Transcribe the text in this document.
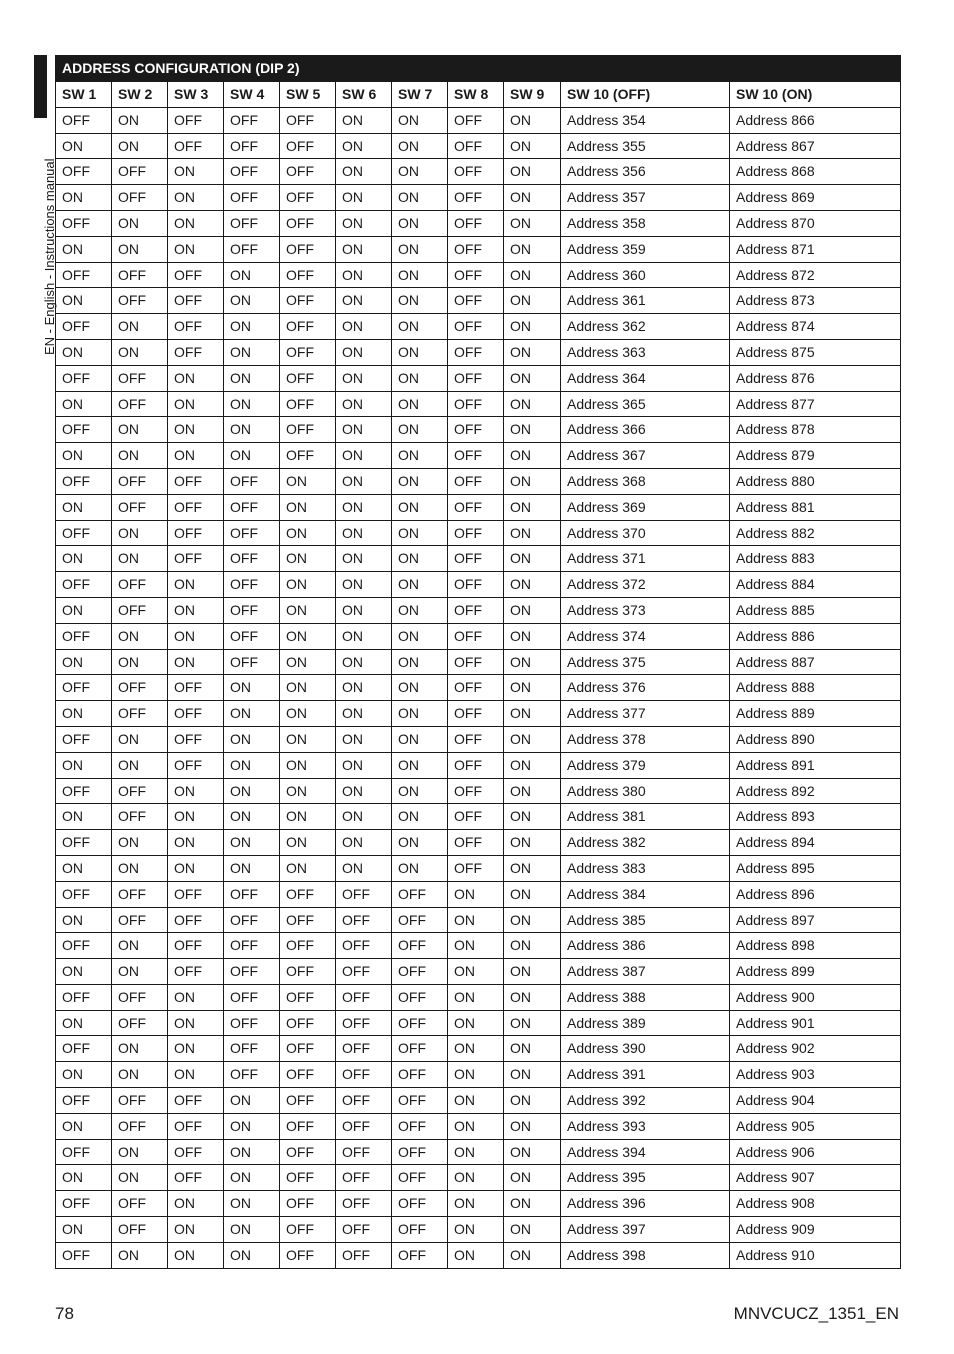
EN - English - Instructions manual
ADDRESS CONFIGURATION (DIP 2)										
SW 1	SW 2	SW 3	SW 4	SW 5	SW 6	SW 7	SW 8	SW 9	SW 10 (OFF)	SW 10 (ON)
OFF	ON	OFF	OFF	OFF	ON	ON	OFF	ON	Address 354	Address 866
ON	ON	OFF	OFF	OFF	ON	ON	OFF	ON	Address 355	Address 867
OFF	OFF	ON	OFF	OFF	ON	ON	OFF	ON	Address 356	Address 868
ON	OFF	ON	OFF	OFF	ON	ON	OFF	ON	Address 357	Address 869
OFF	ON	ON	OFF	OFF	ON	ON	OFF	ON	Address 358	Address 870
ON	ON	ON	OFF	OFF	ON	ON	OFF	ON	Address 359	Address 871
OFF	OFF	OFF	ON	OFF	ON	ON	OFF	ON	Address 360	Address 872
ON	OFF	OFF	ON	OFF	ON	ON	OFF	ON	Address 361	Address 873
OFF	ON	OFF	ON	OFF	ON	ON	OFF	ON	Address 362	Address 874
ON	ON	OFF	ON	OFF	ON	ON	OFF	ON	Address 363	Address 875
OFF	OFF	ON	ON	OFF	ON	ON	OFF	ON	Address 364	Address 876
ON	OFF	ON	ON	OFF	ON	ON	OFF	ON	Address 365	Address 877
OFF	ON	ON	ON	OFF	ON	ON	OFF	ON	Address 366	Address 878
ON	ON	ON	ON	OFF	ON	ON	OFF	ON	Address 367	Address 879
OFF	OFF	OFF	OFF	ON	ON	ON	OFF	ON	Address 368	Address 880
ON	OFF	OFF	OFF	ON	ON	ON	OFF	ON	Address 369	Address 881
OFF	ON	OFF	OFF	ON	ON	ON	OFF	ON	Address 370	Address 882
ON	ON	OFF	OFF	ON	ON	ON	OFF	ON	Address 371	Address 883
OFF	OFF	ON	OFF	ON	ON	ON	OFF	ON	Address 372	Address 884
ON	OFF	ON	OFF	ON	ON	ON	OFF	ON	Address 373	Address 885
OFF	ON	ON	OFF	ON	ON	ON	OFF	ON	Address 374	Address 886
ON	ON	ON	OFF	ON	ON	ON	OFF	ON	Address 375	Address 887
OFF	OFF	OFF	ON	ON	ON	ON	OFF	ON	Address 376	Address 888
ON	OFF	OFF	ON	ON	ON	ON	OFF	ON	Address 377	Address 889
OFF	ON	OFF	ON	ON	ON	ON	OFF	ON	Address 378	Address 890
ON	ON	OFF	ON	ON	ON	ON	OFF	ON	Address 379	Address 891
OFF	OFF	ON	ON	ON	ON	ON	OFF	ON	Address 380	Address 892
ON	OFF	ON	ON	ON	ON	ON	OFF	ON	Address 381	Address 893
OFF	ON	ON	ON	ON	ON	ON	OFF	ON	Address 382	Address 894
ON	ON	ON	ON	ON	ON	ON	OFF	ON	Address 383	Address 895
OFF	OFF	OFF	OFF	OFF	OFF	OFF	ON	ON	Address 384	Address 896
ON	OFF	OFF	OFF	OFF	OFF	OFF	ON	ON	Address 385	Address 897
OFF	ON	OFF	OFF	OFF	OFF	OFF	ON	ON	Address 386	Address 898
ON	ON	OFF	OFF	OFF	OFF	OFF	ON	ON	Address 387	Address 899
OFF	OFF	ON	OFF	OFF	OFF	OFF	ON	ON	Address 388	Address 900
ON	OFF	ON	OFF	OFF	OFF	OFF	ON	ON	Address 389	Address 901
OFF	ON	ON	OFF	OFF	OFF	OFF	ON	ON	Address 390	Address 902
ON	ON	ON	OFF	OFF	OFF	OFF	ON	ON	Address 391	Address 903
OFF	OFF	OFF	ON	OFF	OFF	OFF	ON	ON	Address 392	Address 904
ON	OFF	OFF	ON	OFF	OFF	OFF	ON	ON	Address 393	Address 905
OFF	ON	OFF	ON	OFF	OFF	OFF	ON	ON	Address 394	Address 906
ON	ON	OFF	ON	OFF	OFF	OFF	ON	ON	Address 395	Address 907
OFF	OFF	ON	ON	OFF	OFF	OFF	ON	ON	Address 396	Address 908
ON	OFF	ON	ON	OFF	OFF	OFF	ON	ON	Address 397	Address 909
OFF	ON	ON	ON	OFF	OFF	OFF	ON	ON	Address 398	Address 910
78	MNVCUCZ_1351_EN
